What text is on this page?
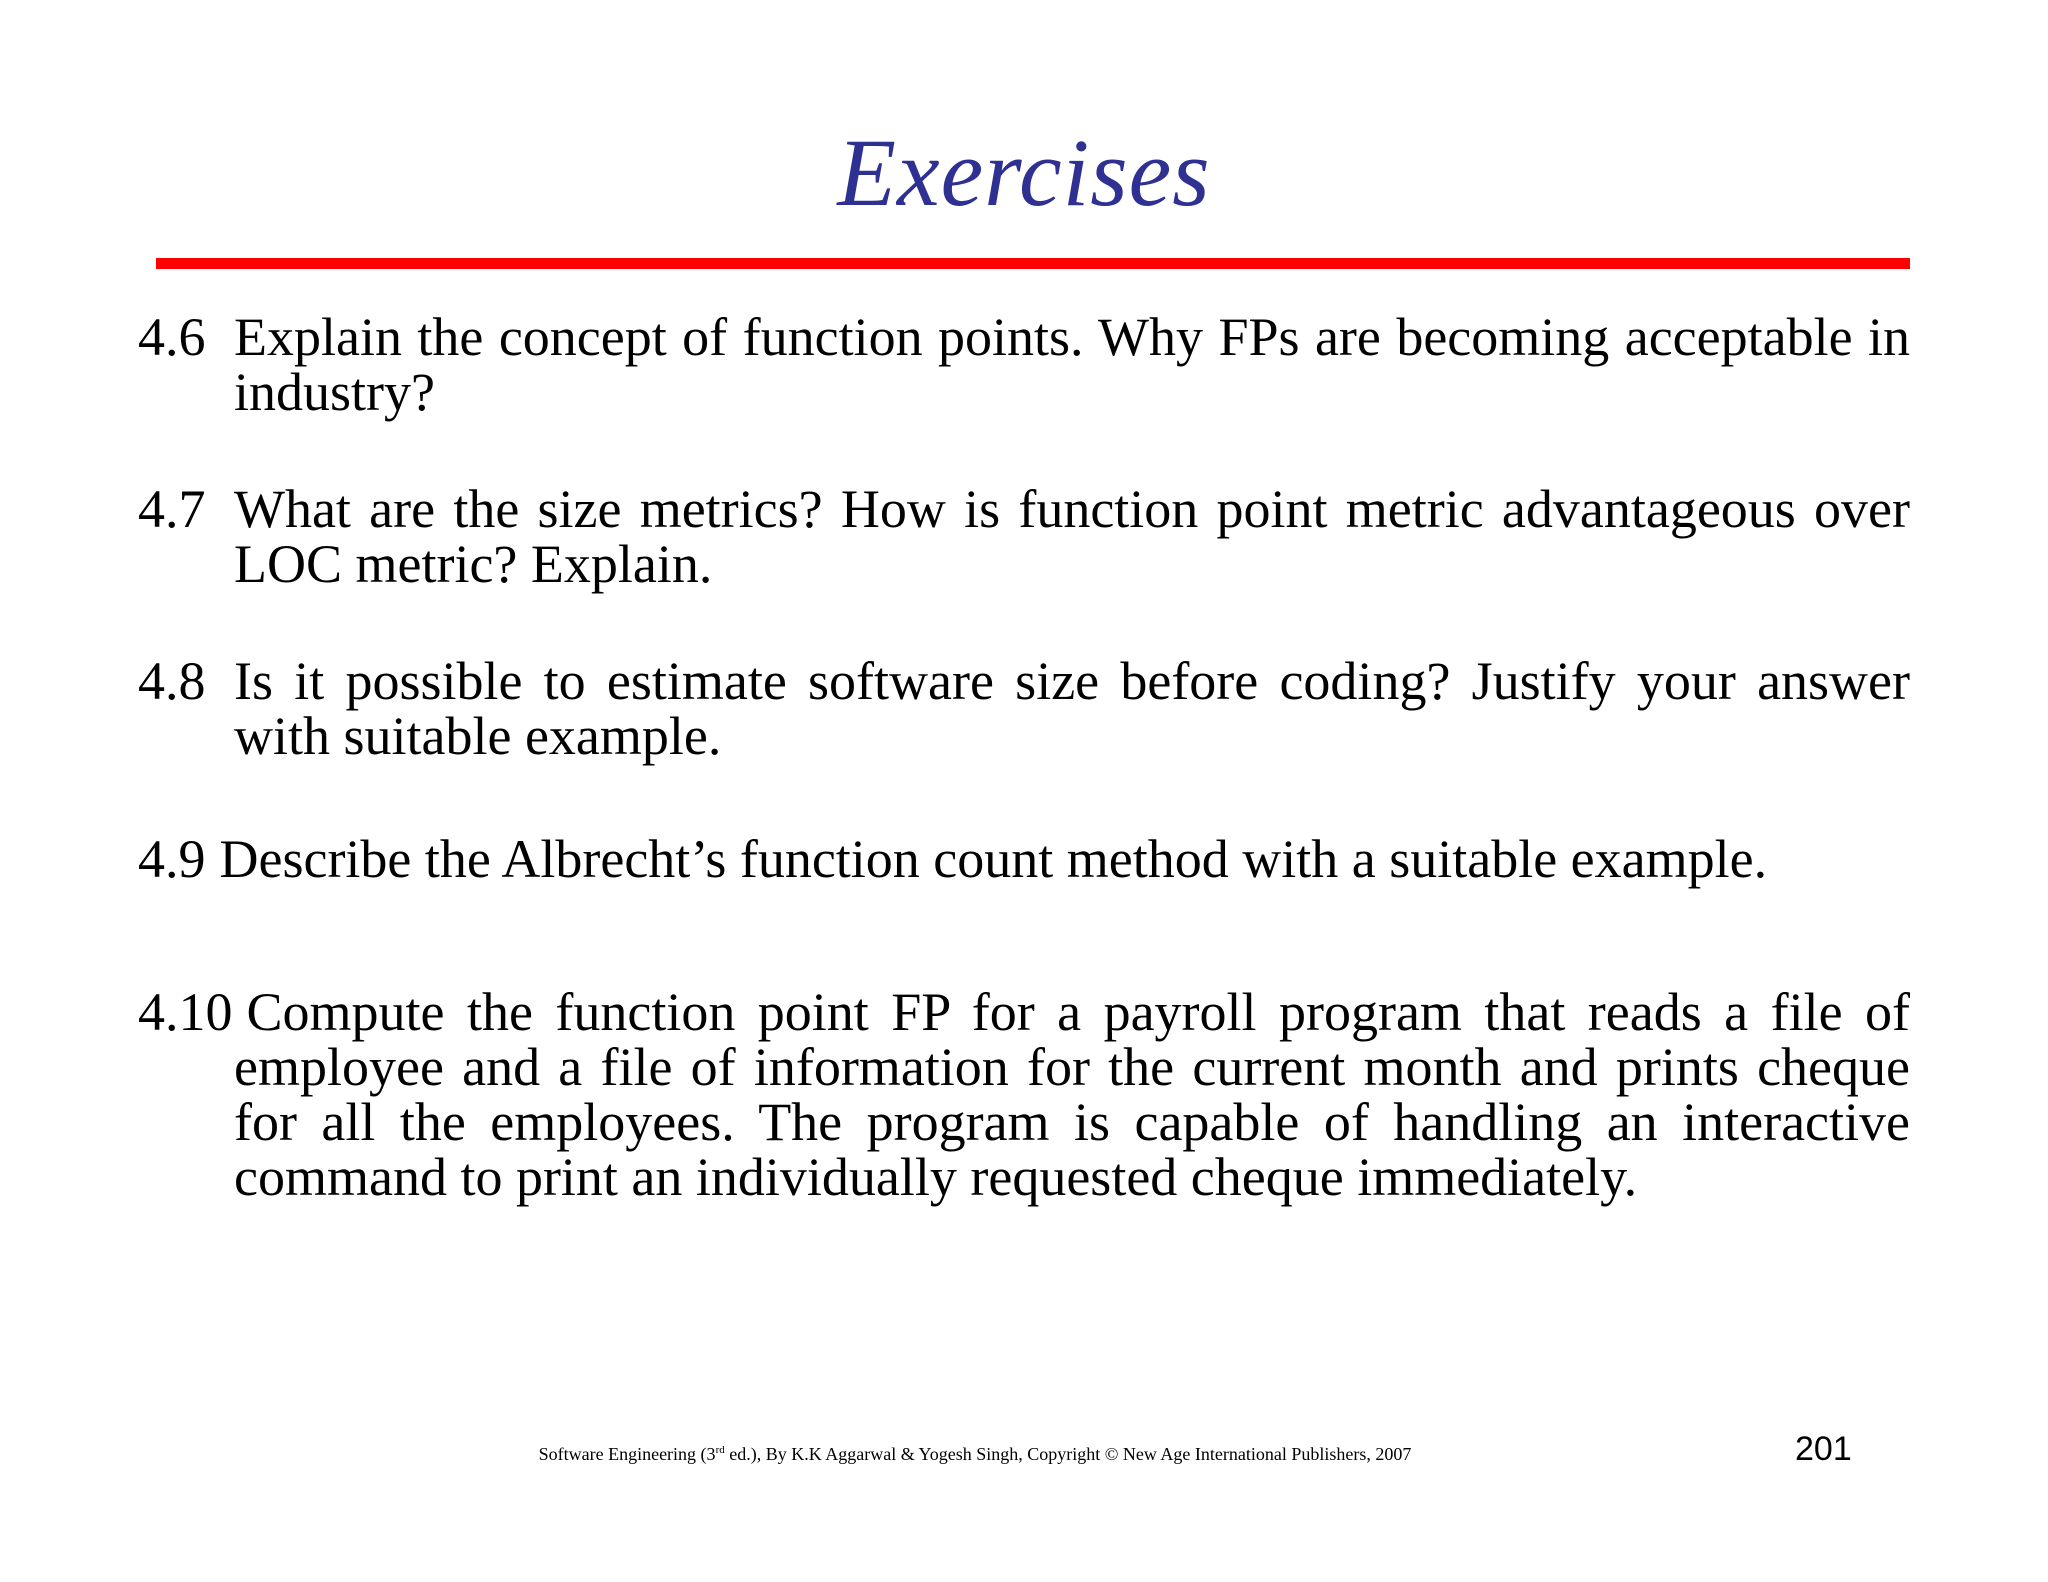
Exercises

4.6 Explain the concept of function points. Why FPs are becoming acceptable in industry?

4.7 What are the size metrics? How is function point metric advantageous over LOC metric? Explain.

4.8 Is it possible to estimate software size before coding? Justify your answer with suitable example.

4.9 Describe the Albrecht’s function count method with a suitable example.

4.10 Compute the function point FP for a payroll program that reads a file of employee and a file of information for the current month and prints cheque for all the employees. The program is capable of handling an interactive command to print an individually requested cheque immediately.

Software Engineering (3rd ed.), By K.K Aggarwal & Yogesh Singh, Copyright © New Age International Publishers, 2007	201
